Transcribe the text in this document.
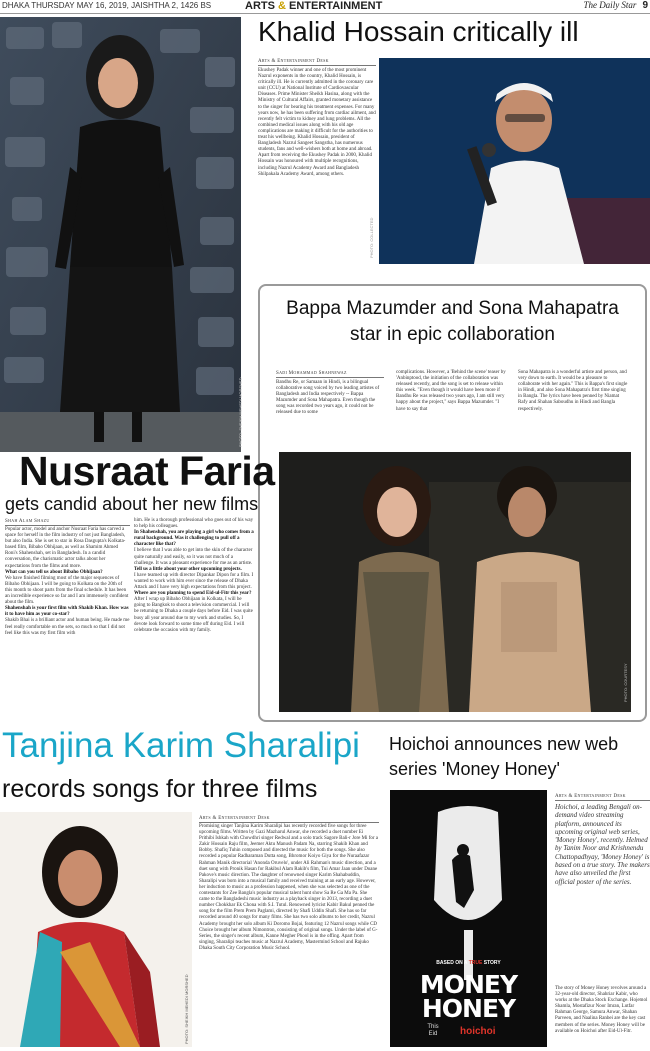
DHAKA THURSDAY MAY 16, 2019, JAISHTHA 2, 1426 BS	ARTS & ENTERTAINMENT	The Daily Star 9
PHOTO: SHEIKH MEHEDI MORSHED
Khalid Hossain critically ill
Arts & Entertainment Desk
Ekushey Padak winner and one of the most prominent Nazrul exponents in the country, Khalid Hossain, is critically ill. He is currently admitted in the coronary care unit (CCU) at National Institute of Cardiovascular Diseases. Prime Minister Sheikh Hasina, along with the Ministry of Cultural Affairs, granted monetary assistance to the singer for bearing his treatment expenses. For many years now, he has been suffering from cardiac ailment, and recently felt victim to kidney and lung problems. All the combined medical issues along with his old age complications are making it difficult for the authorities to treat his wellbeing. Khalid Hossain, president of Bangladesh Nazrul Sangeet Sangstha, has numerous students, fans and well-wishers both at home and abroad. Apart from receiving the Ekushey Padak in 2000, Khalid Hossain was honoured with multiple recognitions, including Nazrul Academy Award and Bangladesh Shilpakala Academy Award, among others.
PHOTO: COLLECTED
Bappa Mazumder and Sona Mahapatra
star in epic collaboration
Sadi Mohammad Shahnewaz
Bandhu Re, or Samaan in Hindi, is a bilingual collaborative song voiced by two leading artistes of Bangladesh and India respectively -- Bappa Mazumder and Sona Mahapatra. Even though the song was recorded two years ago, it could not be released due to some
complications. However, a 'Behind the scene' teaser by 'Anbinptood, the initiation of the collaboration was released recently, and the song is set to release within this week. "Even though it would have been more if Bandhu Re was released two years ago, I am still very happy about the project," says Bappa Mazumder. "I have to say that
Sona Mahapatra is a wonderful artiste and person, and very down to earth. It would be a pleasure to collaborate with her again." This is Bappa's first single in Hindi, and also Sona Mahapatra's first time singing in Bangla. The lyrics have been penned by Niamat Rafy and Shahan Saboudhu in Hindi and Bangla respectively.
PHOTO: COURTESY
Nusraat Faria
gets candid about her new films
Shah Alam Shazu

Popular actor, model and anchor Nusraat Faria has carved a space for herself in the film industry of not just Bangladesh, but also India. She is set to star in Rosa Dasgupta's Kolkata-based film, Bibaho Obhijaan, as well as Shamim Ahmed Roni's Shahenshah, set in Bangladesh. In a candid conversation, the charismatic actor talks about her expectations from the films and more.

What can you tell us about Bibaho Obhijaan?

We have finished filming most of the major sequences of Bibaho Obhijaan. I will be going to Kolkata on the 20th of this month to shoot parts from the final schedule. It has been an incredible experience so far and I am immensely confident about the film.

Shahenshah is your first film with Shakib Khan. How was it to have him as your co-star?

Shakib Bhai is a brilliant actor and human being. He made me feel really comfortable on the sets, so much so that I did not feel like this was my first film with

him. He is a thorough professional who goes out of his way to help his colleagues.

In Shahenshah, you are playing a girl who comes from a rural background. Was it challenging to pull off a character like that?

I believe that I was able to get into the skin of the character quite naturally and easily, so it was not much of a challenge. It was a pleasant experience for me as an artiste.

Tell us a little about your other upcoming projects.

I have teamed up with director Dipankar Dipon for a film. I wanted to work with him ever since the release of Dhaka Attack and I have very high expectations from this project.

Where are you planning to spend Eid-ul-Fitr this year?

After I wrap up Bibaho Obhijaan in Kolkata, I will be going to Bangkok to shoot a television commercial. I will be returning to Dhaka a couple days before Eid. I was quite busy all year around due to my work and studies. So, I devote look forward to some time off during Eid. I will celebrate the occasion with my family.

Tanjina Karim Sharalipi
records songs for three films
PHOTO: SHEIKH MEHEDI MORSHED
Arts & Entertainment Desk
Promising singer Tanjina Karim Sharalipi has recently recorded five songs for three upcoming films. Written by Gazi Mazharul Anwar, she recorded a duet number Ei Prithibi Ishkah with Chowdhri singer Redwal and a solo track Sagore Bali-r Jore Mi for a Zakir Hossain Raju film, Jeemer Aktu Manush Padam Na, starring Shakib Khan and Bobby. Shafiq Tuhin composed and directed the music for both the songs. She also recorded a popular Radharaman Dutta song, Bhromor Koiyo Giya for the Nuraafazar Rahman Manik directorial 'Anonda Oruvelo', under Ali Rahman's music direction, and a duet song with Pronik Hasan for Rakibul Alam Rakib's film, Tui Amar Jaan under Doane Pakove's music direction. The daughter of renowned singer Karim Shahabuddin, Sharalipi was born into a musical family and received training at an early age. However, her induction to music as a profession happened, when she was selected as one of the contestants for Zee Bangla's popular musical talent hunt show Sa Re Ga Ma Pa. She came to the Bangladeshi music industry as a playback singer in 2013, recording a duet number Chokkhar Ek Chona with S.I. Tutul. Renowned lyricist Kabir Bakul penned the song for the film Prem Prem Paglami, directed by Shafi Uddin Shafi. She has so far recorded around 40 songs for many films. She has two solo albums to her credit, Nazrul Academy brought her solo album Ki Doromo Bojai, featuring 12 Nazrul songs while CD Choice brought her album Nimontron, consisting of original songs. Under the label of G-Series, the singer's recent album, Kanne Megher Phool is in the offing. Apart from singing, Sharalipi teaches music at Nazrul Academy, Mastermind School and Rajuko Dhaka South City Corporation Music School.
Hoichoi announces new web
series 'Money Honey'
BASED ON A TRUE STORY
MONEY
HONEY
This
Eid	hoichoi
Arts & Entertainment Desk
Hoichoi, a leading Bengali on-demand video streaming platform, announced its upcoming original web series, 'Money Honey', recently. Helmed by Tanim Noor and Krishnendu Chattopadhyay, 'Money Honey' is based on a true story. The makers have also unveiled the first official poster of the series.
The story of Money Honey revolves around a 32-year-old director, Shahriar Kabir, who works at the Dhaka Stock Exchange. Hojemol Shamla, Mostafizur Noor Imran, Lutfar Rahman George, Samura Anwar, Shahan Parveen, and Naalina Ranbei are the key cast members of the series. Money Honey will be available on Hoichoi after Eid-Ul-Fitr.
